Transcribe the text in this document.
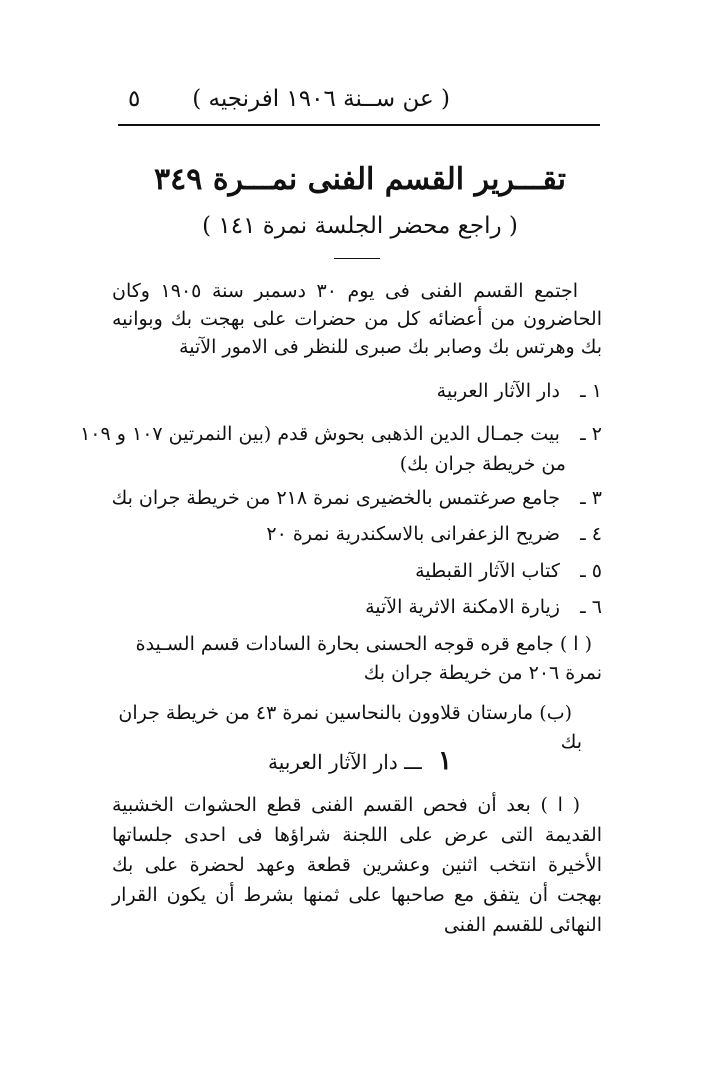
( عن ســنة ١٩٠٦ افرنجيه )
٥
تقـــرير القسم الفنى نمـــرة ٣٤٩
( راجع محضر الجلسة نمرة ١٤١ )
اجتمع القسم الفنى فى يوم ٣٠ دسمبر سنة ١٩٠٥ وكان الحاضرون من أعضائه كل من حضرات على بهجت بك وبوانيه بك وهرتس بك وصابر بك صبرى للنظر فى الامور الآتية
١ ـ دار الآثار العربية
٢ ـ بيت جمـال الدين الذهبى بحوش قدم (بين النمرتين ١٠٧ و ١٠٩
من خريطة جران بك)
٣ ـ جامع صرغتمس بالخضيرى نمرة ٢١٨ من خريطة جران بك
٤ ـ ضريح الزعفرانى بالاسكندرية نمرة ٢٠
٥ ـ كتاب الآثار القبطية
٦ ـ زيارة الامكنة الاثرية الآتية
( ا ) جامع قره قوجه الحسنى بحارة السادات قسم السـيدة نمرة ٢٠٦ من خريطة جران بك
(ب) مارستان قلاوون بالنحاسين نمرة ٤٣ من خريطة جران بك
١ ـــ دار الآثار العربية
( ا ) بعد أن فحص القسم الفنى قطع الحشوات الخشبية القديمة التى عرض على اللجنة شراؤها فى احدى جلساتها الأخيرة انتخب اثنين وعشرين قطعة وعهد لحضرة على بك بهجت أن يتفق مع صاحبها على ثمنها بشرط أن يكون القرار النهائى للقسم الفنى
